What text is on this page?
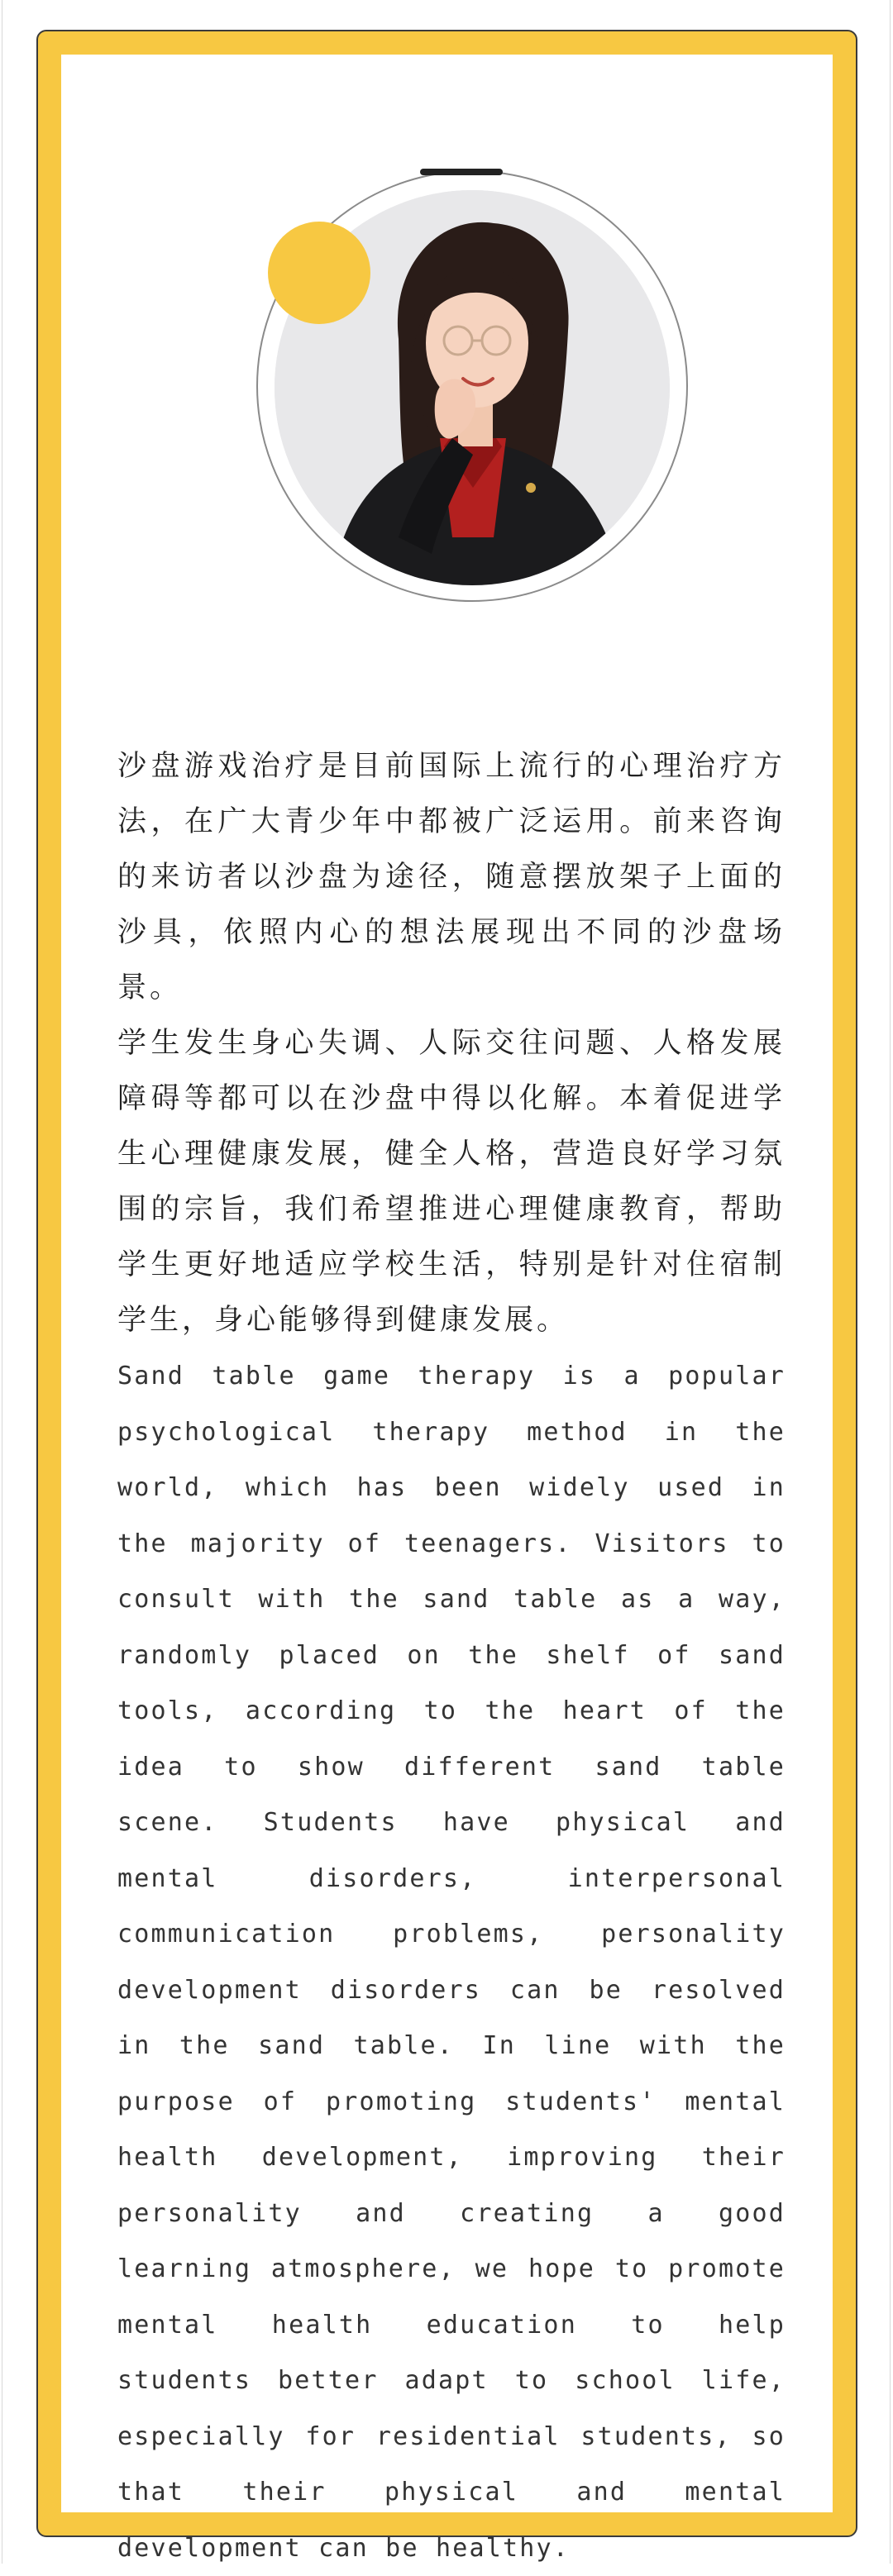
沙盘游戏治疗是目前国际上流行的心理治疗方法，在广大青少年中都被广泛运用。前来咨询的来访者以沙盘为途径，随意摆放架子上面的沙具，依照内心的想法展现出不同的沙盘场景。

学生发生身心失调、人际交往问题、人格发展障碍等都可以在沙盘中得以化解。本着促进学生心理健康发展，健全人格，营造良好学习氛围的宗旨，我们希望推进心理健康教育，帮助学生更好地适应学校生活，特别是针对住宿制学生，身心能够得到健康发展。

Sand table game therapy is a popular psychological therapy method in the world, which has been widely used in the majority of teenagers. Visitors to consult with the sand table as a way, randomly placed on the shelf of sand tools, according to the heart of the idea to show different sand table scene. Students have physical and mental disorders, interpersonal communication problems, personality development disorders can be resolved in the sand table. In line with the purpose of promoting students' mental health development, improving their personality and creating a good learning atmosphere, we hope to promote mental health education to help students better adapt to school life, especially for residential students, so that their physical and mental development can be healthy.
